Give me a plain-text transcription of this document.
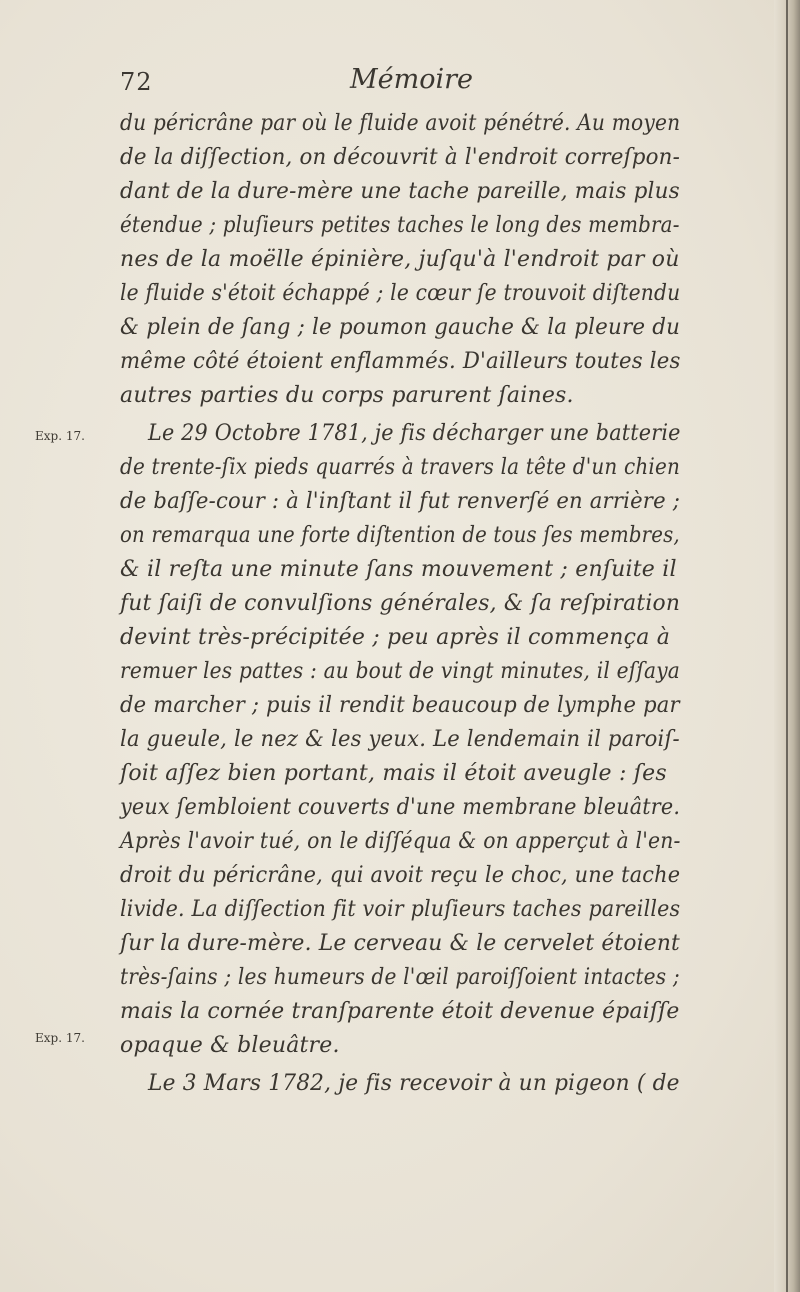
72	Mémoire
Exp. 17.
Exp. 17.
du péricrâne par où le fluide avoit pénétré. Au moyen
de la diſſection, on découvrit à l'endroit correſpon-
dant de la dure-mère une tache pareille, mais plus
étendue ; pluſieurs petites taches le long des membra-
nes de la moëlle épinière, juſqu'à l'endroit par où
le fluide s'étoit échappé ; le cœur ſe trouvoit diſtendu
& plein de ſang ; le poumon gauche & la pleure du
même côté étoient enflammés. D'ailleurs toutes les
autres parties du corps parurent ſaines.
Le 29 Octobre 1781, je fis décharger une batterie
de trente-ſix pieds quarrés à travers la tête d'un chien
de baſſe-cour : à l'inſtant il fut renverſé en arrière ;
on remarqua une forte diſtention de tous ſes membres,
& il reſta une minute ſans mouvement ; enſuite il
fut ſaiſi de convulſions générales, & ſa reſpiration
devint très-précipitée ; peu après il commença à
remuer les pattes : au bout de vingt minutes, il eſſaya
de marcher ; puis il rendit beaucoup de lymphe par
la gueule, le nez & les yeux. Le lendemain il paroiſ-
ſoit aſſez bien portant, mais il étoit aveugle : ſes
yeux ſembloient couverts d'une membrane bleuâtre.
Après l'avoir tué, on le diſſéqua & on apperçut à l'en-
droit du péricrâne, qui avoit reçu le choc, une tache
livide. La diſſection fit voir pluſieurs taches pareilles
ſur la dure-mère. Le cerveau & le cervelet étoient
très-ſains ; les humeurs de l'œil paroiſſoient intactes ;
mais la cornée tranſparente étoit devenue épaiſſe
opaque & bleuâtre.
Le 3 Mars 1782, je fis recevoir à un pigeon ( de
